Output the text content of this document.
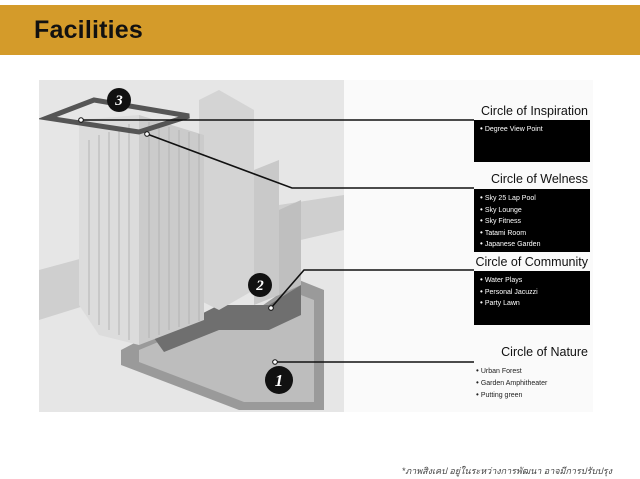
Facilities
3
2
1
Circle of Inspiration
• Degree View Point
Circle of Welness
• Sky 25 Lap Pool
• Sky Lounge
• Sky Fitness
• Tatami Room
• Japanese Garden
Circle of Community
• Water Plays
• Personal Jacuzzi
• Party Lawn
Circle of Nature
• Urban Forest
• Garden Amphitheater
• Putting green
*ภาพสิงเคป อยู่ในระหว่างการพัฒนา อาจมีการปรับปรุง
